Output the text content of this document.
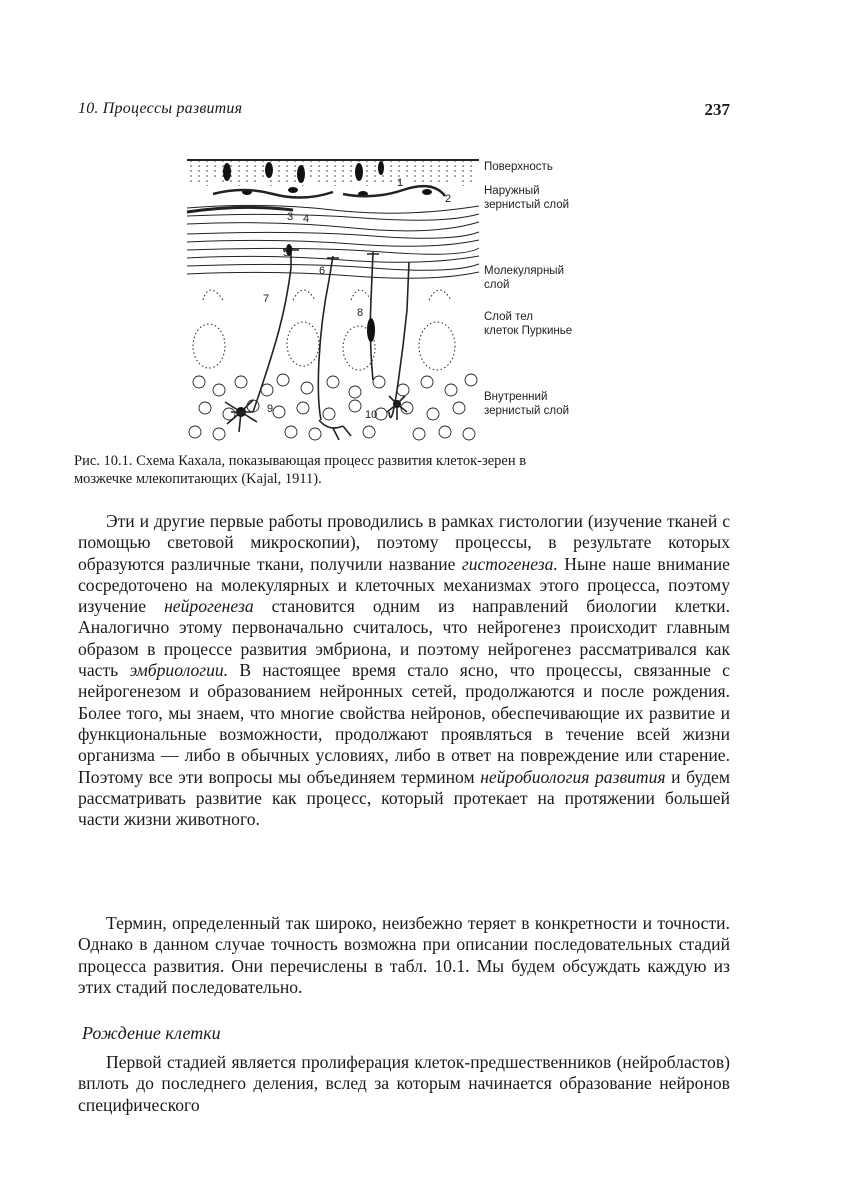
10. Процессы развития	237
1
2
3 4
5
6
7
8
9	10
Поверхность
Наружный
зернистый слой
Молекулярный
слой
Слой тел
клеток Пуркинье
Внутренний
зернистый слой
Рис. 10.1. Схема Кахала, показывающая процесс развития клеток-зерен в
мозжечке млекопитающих (Kajal, 1911).

Эти и другие первые работы проводились в рамках гистологии (изучение тканей с помощью световой микроскопии), поэтому процессы, в результате которых образуются различные ткани, получили название гистогенеза. Ныне наше внимание сосредоточено на молекулярных и клеточных механизмах этого процесса, поэтому изучение нейрогенеза становится одним из направлений биологии клетки. Аналогично этому первоначально считалось, что нейрогенез происходит главным образом в процессе развития эмбриона, и поэтому нейрогенез рассматривался как часть эмбриологии. В настоящее время стало ясно, что процессы, связанные с нейрогенезом и образованием нейронных сетей, продолжаются и после рождения. Более того, мы знаем, что многие свойства нейронов, обеспечивающие их развитие и функциональные возможности, продолжают проявляться в течение всей жизни организма — либо в обычных условиях, либо в ответ на повреждение или старение. Поэтому все эти вопросы мы объединяем термином нейробиология развития и будем рассматривать развитие как процесс, который протекает на протяжении большей части жизни животного.

Термин, определенный так широко, неизбежно теряет в конкретности и точности. Однако в данном случае точность возможна при описании последовательных стадий процесса развития. Они перечислены в табл. 10.1. Мы будем обсуждать каждую из этих стадий последовательно.

Рождение клетки

Первой стадией является пролиферация клеток-предшественников (нейробластов) вплоть до последнего деления, вслед за которым начинается образование нейронов специфического
